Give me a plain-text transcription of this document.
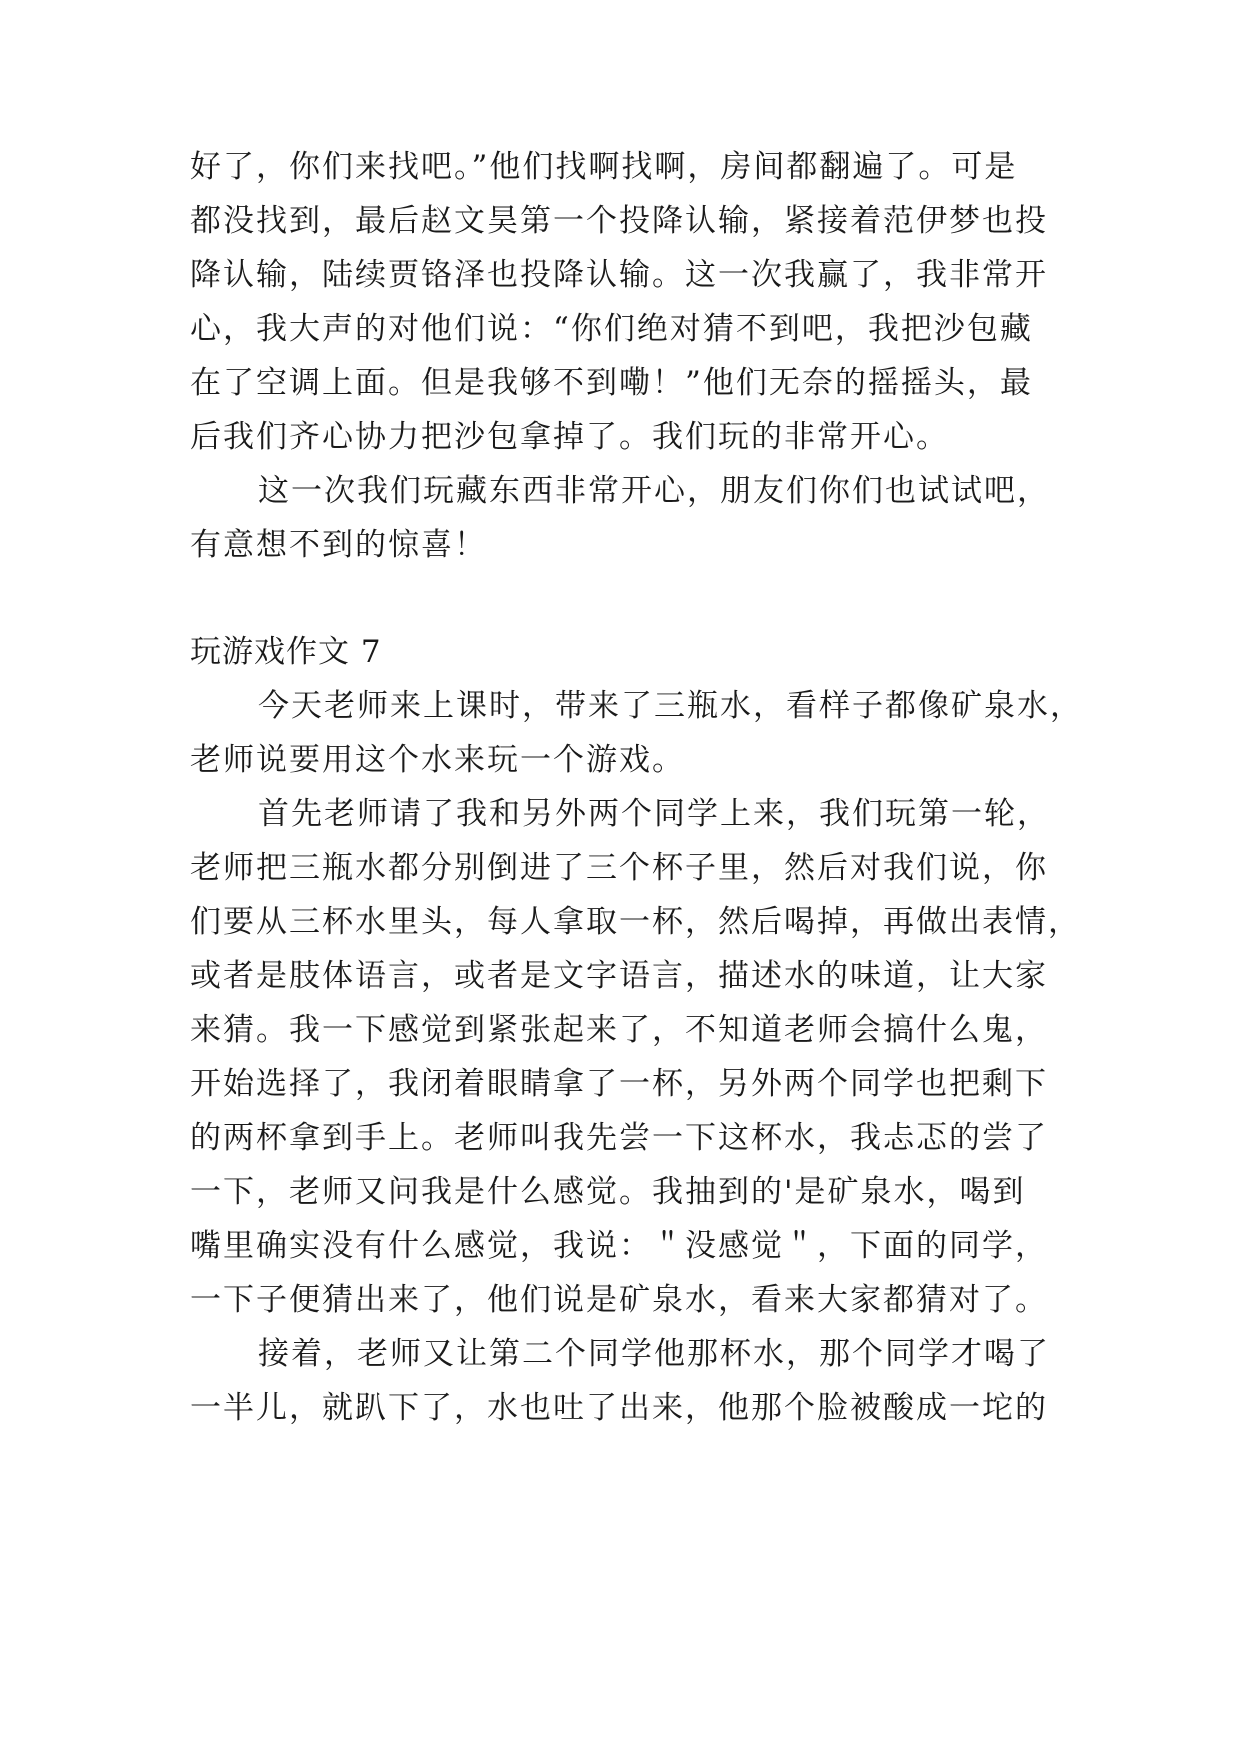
好了，你们来找吧。”他们找啊找啊，房间都翻遍了。可是
都没找到，最后赵文昊第一个投降认输，紧接着范伊梦也投
降认输，陆续贾铬泽也投降认输。这一次我赢了，我非常开
心，我大声的对他们说：“你们绝对猜不到吧，我把沙包藏
在了空调上面。但是我够不到嘞！”他们无奈的摇摇头，最
后我们齐心协力把沙包拿掉了。我们玩的非常开心。
这一次我们玩藏东西非常开心，朋友们你们也试试吧，
有意想不到的惊喜！
玩游戏作文 7
今天老师来上课时，带来了三瓶水，看样子都像矿泉水，
老师说要用这个水来玩一个游戏。
首先老师请了我和另外两个同学上来，我们玩第一轮，
老师把三瓶水都分别倒进了三个杯子里，然后对我们说，你
们要从三杯水里头，每人拿取一杯，然后喝掉，再做出表情，
或者是肢体语言，或者是文字语言，描述水的味道，让大家
来猜。我一下感觉到紧张起来了，不知道老师会搞什么鬼，
开始选择了，我闭着眼睛拿了一杯，另外两个同学也把剩下
的两杯拿到手上。老师叫我先尝一下这杯水，我忐忑的尝了
一下，老师又问我是什么感觉。我抽到的'是矿泉水，喝到
嘴里确实没有什么感觉，我说：＂没感觉＂，下面的同学，
一下子便猜出来了，他们说是矿泉水，看来大家都猜对了。
接着，老师又让第二个同学他那杯水，那个同学才喝了
一半儿，就趴下了，水也吐了出来，他那个脸被酸成一坨的
